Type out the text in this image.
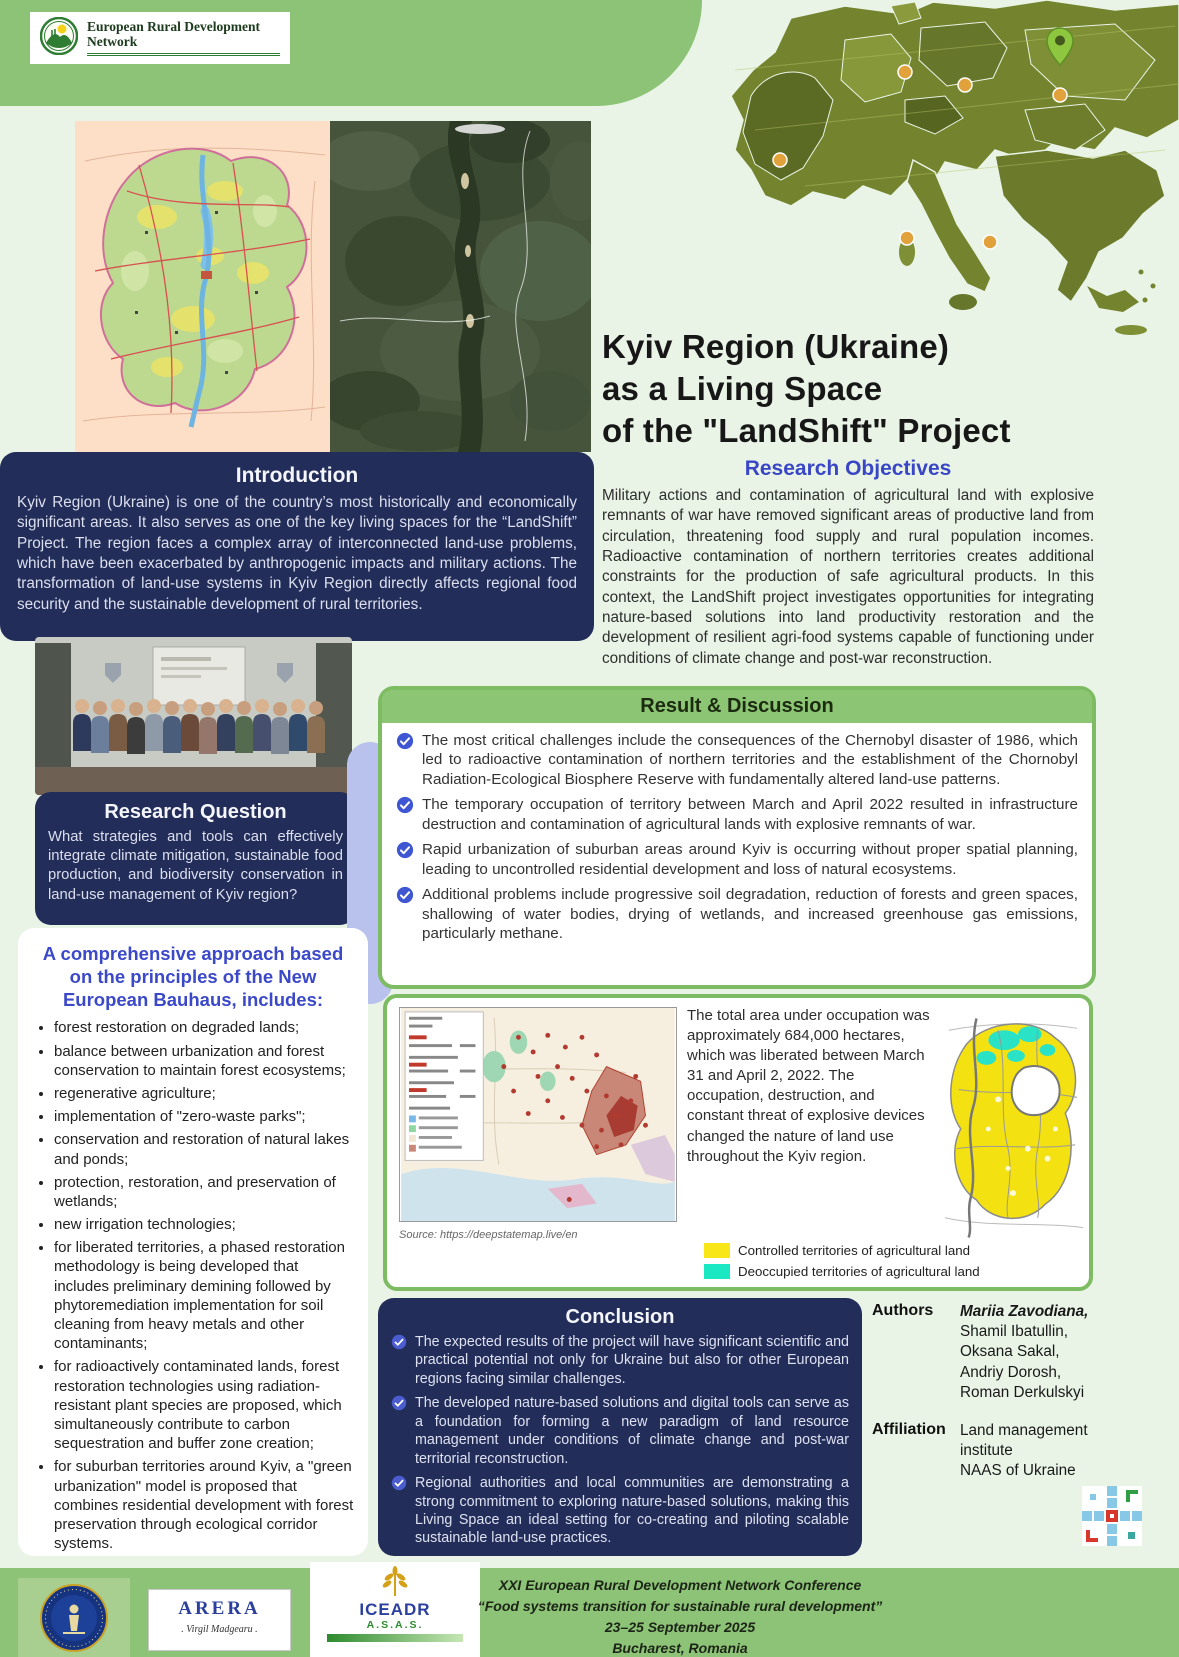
European Rural Development Network
Kyiv Region (Ukraine)
as a Living Space
of the "LandShift" Project
Introduction

Kyiv Region (Ukraine) is one of the country’s most historically and economically significant areas. It also serves as one of the key living spaces for the “LandShift” Project. The region faces a complex array of interconnected land-use problems, which have been exacerbated by anthropogenic impacts and military actions. The transformation of land-use systems in Kyiv Region directly affects regional food security and the sustainable development of rural territories.

Research Objectives

Military actions and contamination of agricultural land with explosive remnants of war have removed significant areas of productive land from circulation, threatening food supply and rural population incomes. Radioactive contamination of northern territories creates additional constraints for the production of safe agricultural products. In this context, the LandShift project investigates opportunities for integrating nature-based solutions into land productivity restoration and the development of resilient agri-food systems capable of functioning under conditions of climate change and post-war reconstruction.

Research Question

What strategies and tools can effectively integrate climate mitigation, sustainable food production, and biodiversity conservation in land-use management of Kyiv region?

Result & Discussion

The most critical challenges include the consequences of the Chernobyl disaster of 1986, which led to radioactive contamination of northern territories and the establishment of the Chornobyl Radiation-Ecological Biosphere Reserve with fundamentally altered land-use patterns.

The temporary occupation of territory between March and April 2022 resulted in infrastructure destruction and contamination of agricultural lands with explosive remnants of war.

Rapid urbanization of suburban areas around Kyiv is occurring without proper spatial planning, leading to uncontrolled residential development and loss of natural ecosystems.

Additional problems include progressive soil degradation, reduction of forests and green spaces, shallowing of water bodies, drying of wetlands, and increased greenhouse gas emissions, particularly methane.

Source: https://deepstatemap.live/en
The total area under occupation was approximately 684,000 hectares, which was liberated between March 31 and April 2, 2022. The occupation, destruction, and constant threat of explosive devices changed the nature of land use throughout the Kyiv region.
Controlled territories of agricultural land
Deoccupied territories of agricultural land
A comprehensive approach based on the principles of the New European Bauhaus, includes:
• forest restoration on degraded lands;
• balance between urbanization and forest conservation to maintain forest ecosystems;
• regenerative agriculture;
• implementation of "zero-waste parks";
• conservation and restoration of natural lakes and ponds;
• protection, restoration, and preservation of wetlands;
• new irrigation technologies;
• for liberated territories, a phased restoration methodology is being developed that includes preliminary demining followed by phytoremediation implementation for soil cleaning from heavy metals and other contaminants;
• for radioactively contaminated lands, forest restoration technologies using radiation-resistant plant species are proposed, which simultaneously contribute to carbon sequestration and buffer zone creation;
• for suburban territories around Kyiv, a "green urbanization" model is proposed that combines residential development with forest preservation through ecological corridor systems.
Conclusion

The expected results of the project will have significant scientific and practical potential not only for Ukraine but also for other European regions facing similar challenges.

The developed nature-based solutions and digital tools can serve as a foundation for forming a new paradigm of land resource management under conditions of climate change and post-war territorial reconstruction.

Regional authorities and local communities are demonstrating a strong commitment to exploring nature-based solutions, making this Living Space an ideal setting for co-creating and piloting scalable sustainable land-use practices.

Authors	Mariia Zavodiana,
Shamil Ibatullin,
Oksana Sakal,
Andriy Dorosh,
Roman Derkulskyi
Affiliation Land management institute
NAAS of Ukraine
ARERA
. Virgil Madgearu .
ICEADR
A.S.A.S.
XXI European Rural Development Network Conference
“Food systems transition for sustainable rural development”
23–25 September 2025
Bucharest, Romania
